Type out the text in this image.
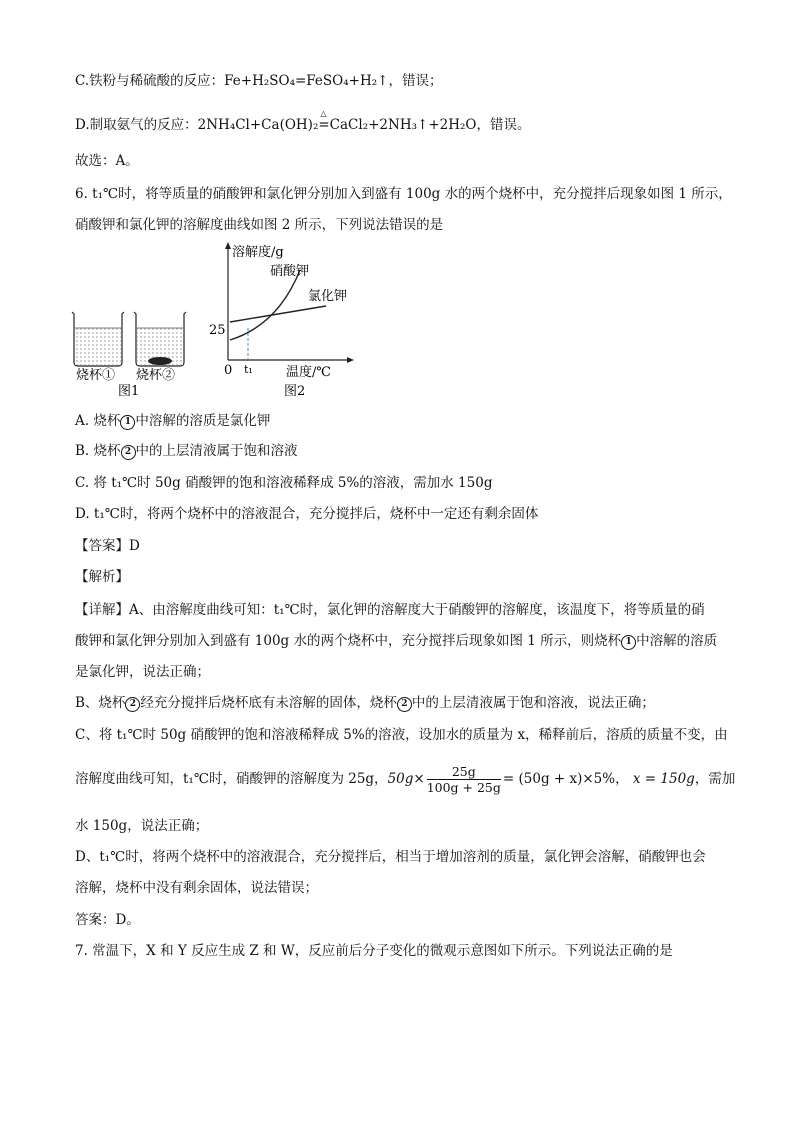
C.铁粉与稀硫酸的反应：Fe+H₂SO₄=FeSO₄+H₂↑，错误；
D.制取氨气的反应：2NH₄Cl+Ca(OH)₂
△
=CaCl₂+2NH₃↑+2H₂O，错误。
故选：A。
6. t₁℃时，将等质量的硝酸钾和氯化钾分别加入到盛有 100g 水的两个烧杯中，充分搅拌后现象如图 1 所示，
硝酸钾和氯化钾的溶解度曲线如图 2 所示，下列说法错误的是
烧杯① 烧杯②
图1
溶解度/g
温度/℃
0
25
t₁
硝酸钾
氯化钾
图2
A. 烧杯 1 中溶解的溶质是氯化钾
B. 烧杯 2 中的上层清液属于饱和溶液
C. 将 t₁℃时 50g 硝酸钾的饱和溶液稀释成 5%的溶液，需加水 150g
D. t₁℃时，将两个烧杯中的溶液混合，充分搅拌后，烧杯中一定还有剩余固体
【答案】D
【解析】
【详解】A、由溶解度曲线可知：t₁℃时，氯化钾的溶解度大于硝酸钾的溶解度，该温度下，将等质量的硝
酸钾和氯化钾分别加入到盛有 100g 水的两个烧杯中，充分搅拌后现象如图 1 所示，则烧杯 1 中溶解的溶质
是氯化钾，说法正确；
B、烧杯 2 经充分搅拌后烧杯底有未溶解的固体，烧杯 2 中的上层清液属于饱和溶液，说法正确；
C、将 t₁℃时 50g 硝酸钾的饱和溶液稀释成 5%的溶液，设加水的质量为 x，稀释前后，溶质的质量不变，由
溶解度曲线可知，t₁℃时，硝酸钾的溶解度为 25g，$50g\times \frac{25g}{100g + 25g} = (50g + x)\times 5\%$， x = 150g，需加
水 150g，说法正确；
D、t₁℃时，将两个烧杯中的溶液混合，充分搅拌后，相当于增加溶剂的质量，氯化钾会溶解，硝酸钾也会
溶解，烧杯中没有剩余固体，说法错误；
答案：D。
7. 常温下，X 和 Y 反应生成 Z 和 W，反应前后分子变化的微观示意图如下所示。下列说法正确的是
